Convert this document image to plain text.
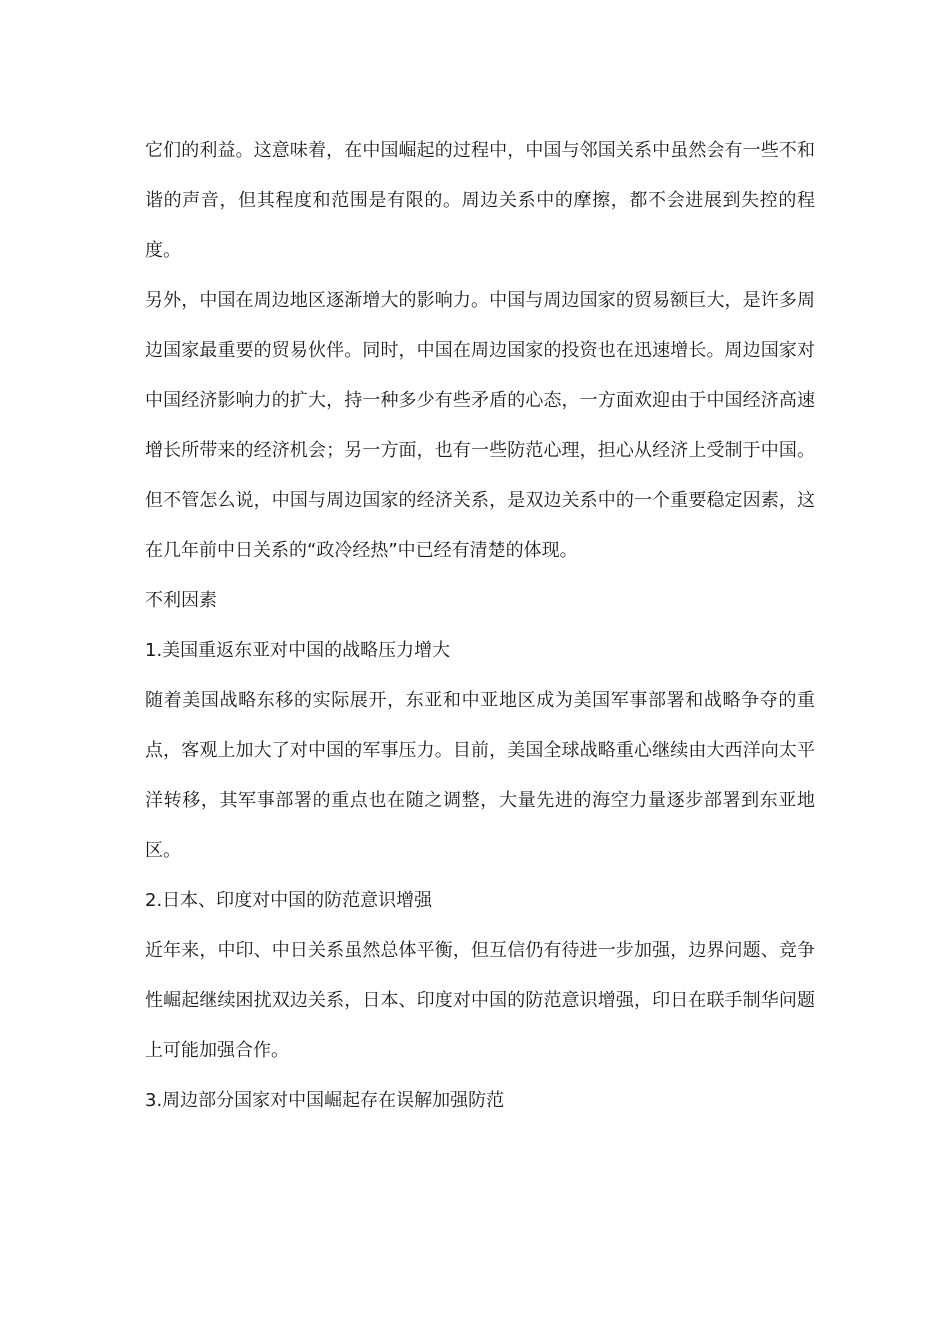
它们的利益。这意味着，在中国崛起的过程中，中国与邻国关系中虽然会有一些不和谐的声音，但其程度和范围是有限的。周边关系中的摩擦，都不会进展到失控的程度。

另外，中国在周边地区逐渐增大的影响力。中国与周边国家的贸易额巨大，是许多周边国家最重要的贸易伙伴。同时，中国在周边国家的投资也在迅速增长。周边国家对中国经济影响力的扩大，持一种多少有些矛盾的心态，一方面欢迎由于中国经济高速增长所带来的经济机会；另一方面，也有一些防范心理，担心从经济上受制于中国。但不管怎么说，中国与周边国家的经济关系，是双边关系中的一个重要稳定因素，这在几年前中日关系的“政冷经热”中已经有清楚的体现。

不利因素

1.美国重返东亚对中国的战略压力增大

随着美国战略东移的实际展开，东亚和中亚地区成为美国军事部署和战略争夺的重点，客观上加大了对中国的军事压力。目前，美国全球战略重心继续由大西洋向太平洋转移，其军事部署的重点也在随之调整，大量先进的海空力量逐步部署到东亚地区。

2.日本、印度对中国的防范意识增强

近年来，中印、中日关系虽然总体平衡，但互信仍有待进一步加强，边界问题、竞争性崛起继续困扰双边关系，日本、印度对中国的防范意识增强，印日在联手制华问题上可能加强合作。

3.周边部分国家对中国崛起存在误解加强防范
